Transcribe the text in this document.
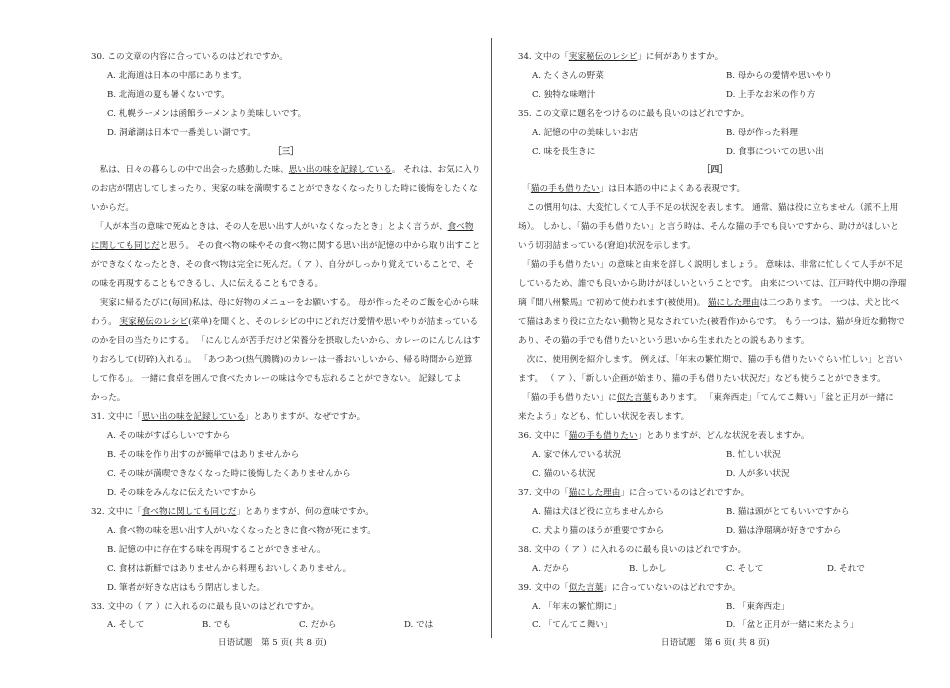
30. この文章の内容に合っているのはどれですか。
A. 北海道は日本の中部にあります。
B. 北海道の夏も暑くないです。
C. 札幌ラーメンは函館ラーメンより美味しいです。
D. 洞爺湖は日本で一番美しい湖です。
［三］
　私は、日々の暮らしの中で出会った感動した味、思い出の味を記録している。 それは、お気に入り
のお店が閉店してしまったり、実家の味を満喫することができなくなったりした時に後悔をしたくな
いからだ。
　「人が本当の意味で死ぬときは、その人を思い出す人がいなくなったとき」とよく言うが、食べ物
に関しても同じだと思う。 その食べ物の味やその食べ物に関する思い出が記憶の中から取り出すこと
ができなくなったとき、その食べ物は完全に死んだ。（ ア ）、自分がしっかり覚えていることで、そ
の味を再現することもできるし、人に伝えることもできる。
　実家に帰るたびに(毎回)私は、母に好物のメニューをお願いする。 母が作ったそのご飯を心から味
わう。 実家秘伝のレシピ(菜单)を聞くと、そのレシピの中にどれだけ愛情や思いやりが詰まっている
のかを目の当たりにする。 「にんじんが苦手だけど栄養分を摂取したいから、カレーのにんじんはす
りおろして(切碎)入れる」。 「あつあつ(热气腾腾)のカレーは一番おいしいから、帰る時間から逆算
して作る」。 一緒に食卓を囲んで食べたカレーの味は今でも忘れることができない。 記録してよ
かった。
31. 文中に「思い出の味を記録している」とありますが、なぜですか。
A. その味がすばらしいですから
B. その味を作り出すのが簡単ではありませんから
C. その味が満喫できなくなった時に後悔したくありませんから
D. その味をみんなに伝えたいですから
32. 文中に「食べ物に関しても同じだ」とありますが、何の意味ですか。
A. 食べ物の味を思い出す人がいなくなったときに食べ物が死にます。
B. 記憶の中に存在する味を再現することができません。
C. 食材は新鮮ではありませんから料理もおいしくありません。
D. 筆者が好きな店はもう閉店しました。
33. 文中の（ ア ）に入れるのに最も良いのはどれですか。
A. そして	B. でも	C. だから	D. では
日语试题　第 5 页( 共 8 页)
34. 文中の「実家秘伝のレシピ」に何がありますか。
A. たくさんの野菜	B. 母からの愛情や思いやり
C. 独特な味噌汁	D. 上手なお米の作り方
35. この文章に題名をつけるのに最も良いのはどれですか。
A. 記憶の中の美味しいお店	B. 母が作った料理
C. 味を長生きに	D. 食事についての思い出
［四］
　「猫の手も借りたい」は日本語の中によくある表現です。
　この慣用句は、大変忙しくて人手不足の状況を表します。 通常、猫は役に立ちません（派不上用
场）。 しかし、「猫の手も借りたい」と言う時は、そんな猫の手でも良いですから、助けがほしいと
いう切羽詰まっている(窘迫)状況を示します。
　「猫の手も借りたい」の意味と由来を詳しく説明しましょう。 意味は、非常に忙しくて人手が不足
しているため、誰でも良いから助けがほしいということです。 由来については、江戸時代中期の浄瑠
璃『間八州繋馬』で初めて使われます(被使用)。 猫にした理由は二つあります。 一つは、犬と比べ
て猫はあまり役に立たない動物と見なされていた(被看作)からです。 もう一つは、猫が身近な動物で
あり、その猫の手でも借りたいという思いから生まれたとの説もあります。
　次に、使用例を紹介します。 例えば、「年末の繁忙期で、猫の手も借りたいぐらい忙しい」と言い
ます。 （ ア ）、「新しい企画が始まり、猫の手も借りたい状況だ」なども使うことができます。
　「猫の手も借りたい」に似た言葉もあります。 「東奔西走」「てんてこ舞い」「盆と正月が一緒に
来たよう」なども、忙しい状況を表します。
36. 文中に「猫の手も借りたい」とありますが、どんな状況を表しますか。
A. 家で休んでいる状況	B. 忙しい状況
C. 猫のいる状況	D. 人が多い状況
37. 文中の「猫にした理由」に合っているのはどれですか。
A. 猫は犬ほど役に立ちませんから	B. 猫は頭がとてもいいですから
C. 犬より猫のほうが重要ですから	D. 猫は浄瑠璃が好きですから
38. 文中の（ ア ）に入れるのに最も良いのはどれですか。
A. だから	B. しかし	C. そして	D. それで
39. 文中の「似た言葉」に合っていないのはどれですか。
A. 「年末の繁忙期に」	B. 「東奔西走」
C. 「てんてこ舞い」	D. 「盆と正月が一緒に来たよう」
日语试题　第 6 页( 共 8 页)
